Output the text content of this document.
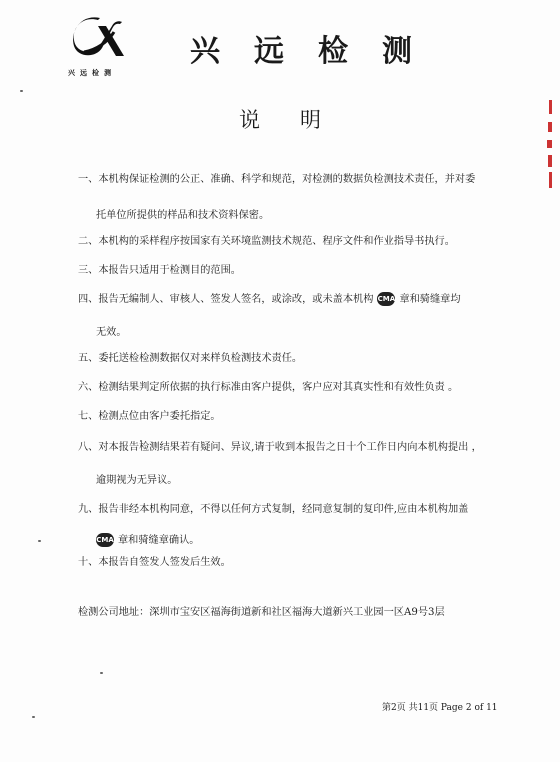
兴远检测
兴远检测
说明
一、本机构保证检测的公正、准确、科学和规范，对检测的数据负检测技术责任，并对委
托单位所提供的样品和技术资料保密。
二、本机构的采样程序按国家有关环境监测技术规范、程序文件和作业指导书执行。
三、本报告只适用于检测目的范围。
四、报告无编制人、审核人、签发人签名，或涂改，或未盖本机构 CMA 章和骑缝章均
无效。
五、委托送检检测数据仅对来样负检测技术责任。
六、检测结果判定所依据的执行标准由客户提供，客户应对其真实性和有效性负责 。
七、检测点位由客户委托指定。
八、对本报告检测结果若有疑问、异议,请于收到本报告之日十个工作日内向本机构提出 ，
逾期视为无异议。
九、报告非经本机构同意，不得以任何方式复制，经同意复制的复印件,应由本机构加盖
CMA 章和骑缝章确认。
十、本报告自签发人签发后生效。
检测公司地址：深圳市宝安区福海街道新和社区福海大道新兴工业园一区A9号3层
第2页 共11页 Page 2 of 11
